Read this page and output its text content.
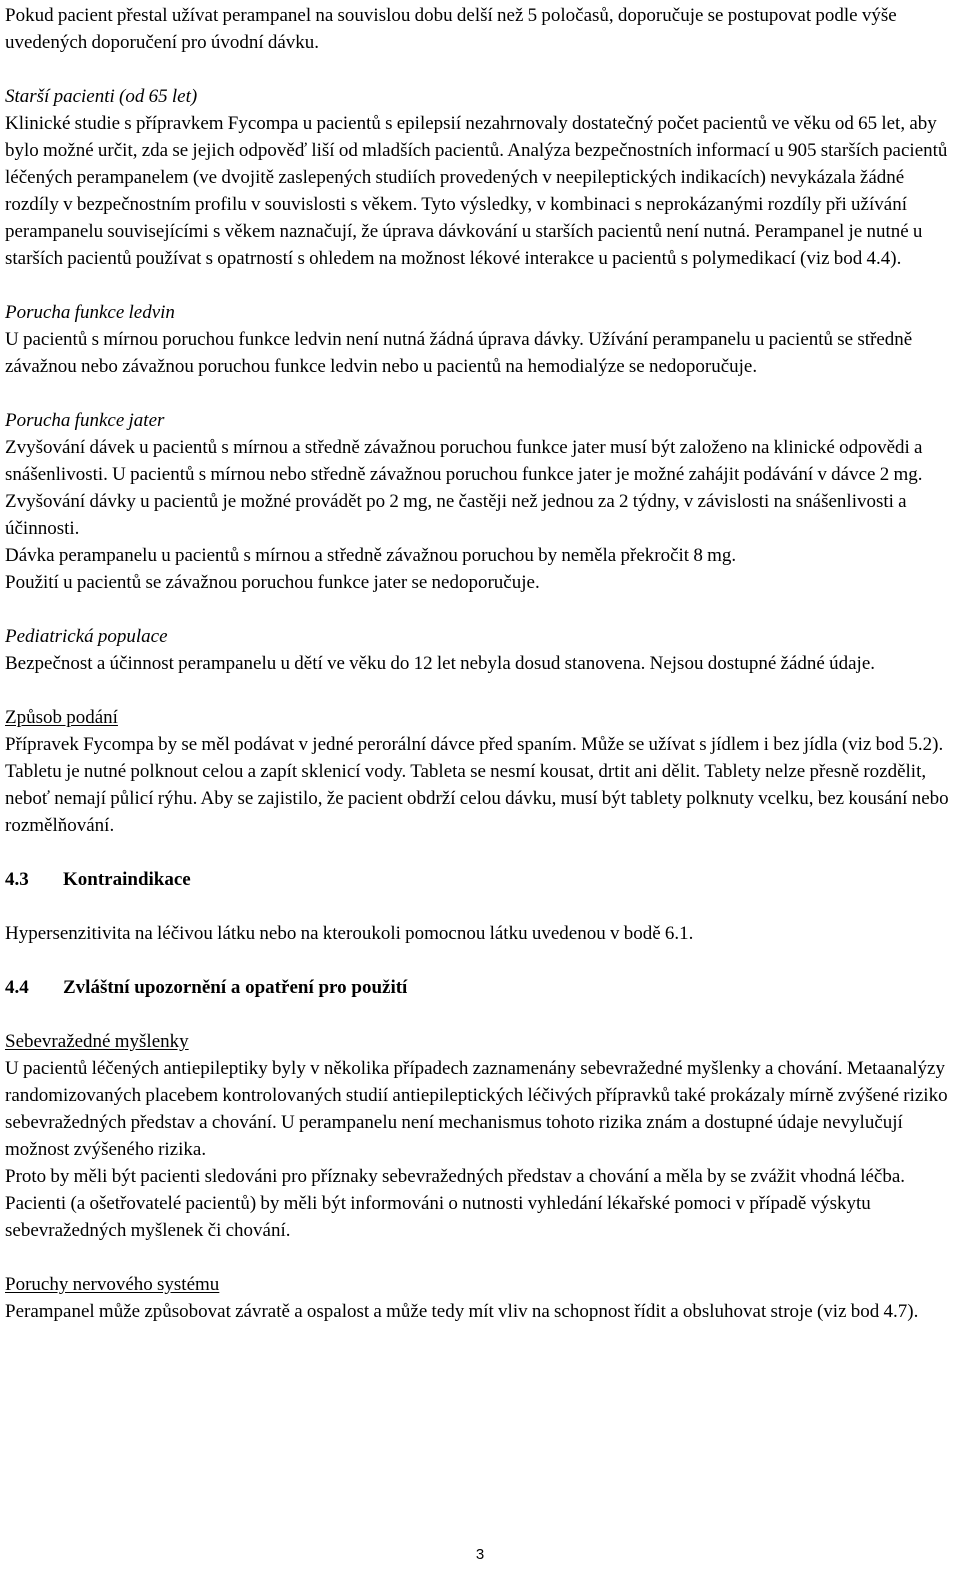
Pokud pacient přestal užívat perampanel na souvislou dobu delší než 5 poločasů, doporučuje se postupovat podle výše uvedených doporučení pro úvodní dávku.

Starší pacienti (od 65 let)

Klinické studie s přípravkem Fycompa u pacientů s epilepsií nezahrnovaly dostatečný počet pacientů ve věku od 65 let, aby bylo možné určit, zda se jejich odpověď liší od mladších pacientů. Analýza bezpečnostních informací u 905 starších pacientů léčených perampanelem (ve dvojitě zaslepených studiích provedených v neepileptických indikacích) nevykázala žádné rozdíly v bezpečnostním profilu v souvislosti s věkem. Tyto výsledky, v kombinaci s neprokázanými rozdíly při užívání perampanelu souvisejícími s věkem naznačují, že úprava dávkování u starších pacientů není nutná. Perampanel je nutné u starších pacientů používat s opatrností s ohledem na možnost lékové interakce u pacientů s polymedikací (viz bod 4.4).

Porucha funkce ledvin

U pacientů s mírnou poruchou funkce ledvin není nutná žádná úprava dávky. Užívání perampanelu u pacientů se středně závažnou nebo závažnou poruchou funkce ledvin nebo u pacientů na hemodialýze se nedoporučuje.

Porucha funkce jater

Zvyšování dávek u pacientů s mírnou a středně závažnou poruchou funkce jater musí být založeno na klinické odpovědi a snášenlivosti. U pacientů s mírnou nebo středně závažnou poruchou funkce jater je možné zahájit podávání v dávce 2 mg. Zvyšování dávky u pacientů je možné provádět po 2 mg, ne častěji než jednou za 2 týdny, v závislosti na snášenlivosti a účinnosti.

Dávka perampanelu u pacientů s mírnou a středně závažnou poruchou by neměla překročit 8 mg.

Použití u pacientů se závažnou poruchou funkce jater se nedoporučuje.

Pediatrická populace

Bezpečnost a účinnost perampanelu u dětí ve věku do 12 let nebyla dosud stanovena. Nejsou dostupné žádné údaje.

Způsob podání

Přípravek Fycompa by se měl podávat v jedné perorální dávce před spaním. Může se užívat s jídlem i bez jídla (viz bod 5.2). Tabletu je nutné polknout celou a zapít sklenicí vody. Tableta se nesmí kousat, drtit ani dělit. Tablety nelze přesně rozdělit, neboť nemají půlicí rýhu. Aby se zajistilo, že pacient obdrží celou dávku, musí být tablety polknuty vcelku, bez kousání nebo rozmělňování.

4.3	Kontraindikace

Hypersenzitivita na léčivou látku nebo na kteroukoli pomocnou látku uvedenou v bodě 6.1.

4.4	Zvláštní upozornění a opatření pro použití

Sebevražedné myšlenky

U pacientů léčených antiepileptiky byly v několika případech zaznamenány sebevražedné myšlenky a chování. Metaanalýzy randomizovaných placebem kontrolovaných studií antiepileptických léčivých přípravků také prokázaly mírně zvýšené riziko sebevražedných představ a chování. U perampanelu není mechanismus tohoto rizika znám a dostupné údaje nevylučují možnost zvýšeného rizika.

Proto by měli být pacienti sledováni pro příznaky sebevražedných představ a chování a měla by se zvážit vhodná léčba. Pacienti (a ošetřovatelé pacientů) by měli být informováni o nutnosti vyhledání lékařské pomoci v případě výskytu sebevražedných myšlenek či chování.

Poruchy nervového systému

Perampanel může způsobovat závratě a ospalost a může tedy mít vliv na schopnost řídit a obsluhovat stroje (viz bod 4.7).

3
